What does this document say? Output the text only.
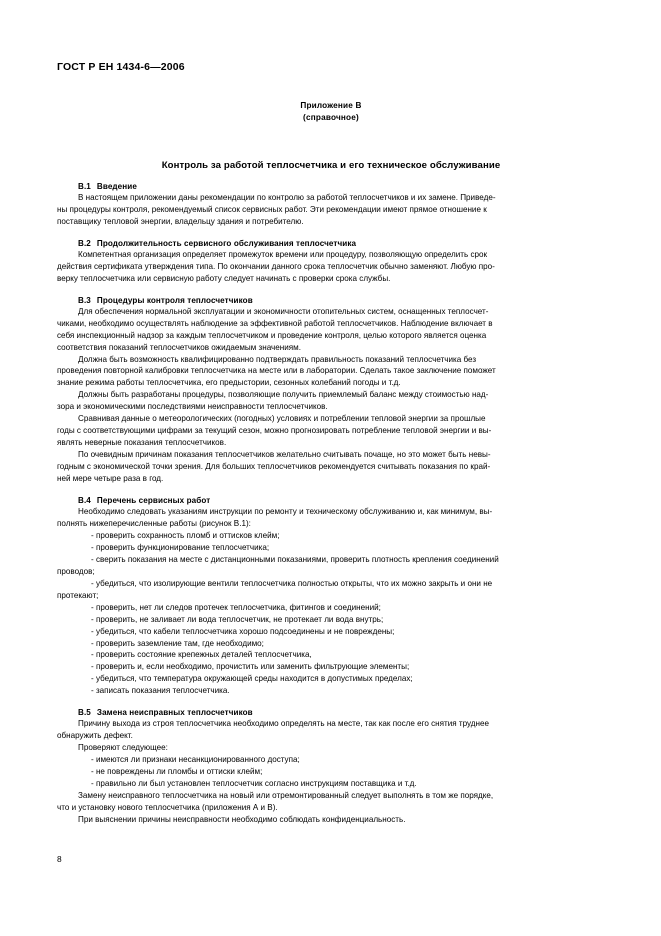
ГОСТ Р ЕН 1434-6—2006
Приложение В
(справочное)
Контроль за работой теплосчетчика и его техническое обслуживание
В.1 Введение
В настоящем приложении даны рекомендации по контролю за работой теплосчетчиков и их замене. Приведе-
ны процедуры контроля, рекомендуемый список сервисных работ. Эти рекомендации имеют прямое отношение к
поставщику тепловой энергии, владельцу здания и потребителю.
В.2 Продолжительность сервисного обслуживания теплосчетчика
Компетентная организация определяет промежуток времени или процедуру, позволяющую определить срок
действия сертификата утверждения типа. По окончании данного срока теплосчетчик обычно заменяют. Любую про-
верку теплосчетчика или сервисную работу следует начинать с проверки срока службы.
В.3 Процедуры контроля теплосчетчиков
Для обеспечения нормальной эксплуатации и экономичности отопительных систем, оснащенных теплосчет-
чиками, необходимо осуществлять наблюдение за эффективной работой теплосчетчиков. Наблюдение включает в
себя инспекционный надзор за каждым теплосчетчиком и проведение контроля, целью которого является оценка
соответствия показаний теплосчетчиков ожидаемым значениям.
Должна быть возможность квалифицированно подтверждать правильность показаний теплосчетчика без
проведения повторной калибровки теплосчетчика на месте или в лаборатории. Сделать такое заключение поможет
знание режима работы теплосчетчика, его предыстории, сезонных колебаний погоды и т.д.
Должны быть разработаны процедуры, позволяющие получить приемлемый баланс между стоимостью над-
зора и экономическими последствиями неисправности теплосчетчиков.
Сравнивая данные о метеорологических (погодных) условиях и потреблении тепловой энергии за прошлые
годы с соответствующими цифрами за текущий сезон, можно прогнозировать потребление тепловой энергии и вы-
являть неверные показания теплосчетчиков.
По очевидным причинам показания теплосчетчиков желательно считывать почаще, но это может быть невы-
годным с экономической точки зрения. Для больших теплосчетчиков рекомендуется считывать показания по край-
ней мере четыре раза в год.
В.4 Перечень сервисных работ
Необходимо следовать указаниям инструкции по ремонту и техническому обслуживанию и, как минимум, вы-
полнять нижеперечисленные работы (рисунок В.1):
- проверить сохранность пломб и оттисков клейм;
- проверить функционирование теплосчетчика;
- сверить показания на месте с дистанционными показаниями, проверить плотность крепления соединений
проводов;
- убедиться, что изолирующие вентили теплосчетчика полностью открыты, что их можно закрыть и они не
протекают;
- проверить, нет ли следов протечек теплосчетчика, фитингов и соединений;
- проверить, не заливает ли вода теплосчетчик, не протекает ли вода внутрь;
- убедиться, что кабели теплосчетчика хорошо подсоединены и не повреждены;
- проверить заземление там, где необходимо;
- проверить состояние крепежных деталей теплосчетчика,
- проверить и, если необходимо, прочистить или заменить фильтрующие элементы;
- убедиться, что температура окружающей среды находится в допустимых пределах;
- записать показания теплосчетчика.
В.5 Замена неисправных теплосчетчиков
Причину выхода из строя теплосчетчика необходимо определять на месте, так как после его снятия труднее
обнаружить дефект.
Проверяют следующее:
- имеются ли признаки несанкционированного доступа;
- не повреждены ли пломбы и оттиски клейм;
- правильно ли был установлен теплосчетчик согласно инструкциям поставщика и т.д.
Замену неисправного теплосчетчика на новый или отремонтированный следует выполнять в том же порядке,
что и установку нового теплосчетчика (приложения А и В).
При выяснении причины неисправности необходимо соблюдать конфиденциальность.
8
